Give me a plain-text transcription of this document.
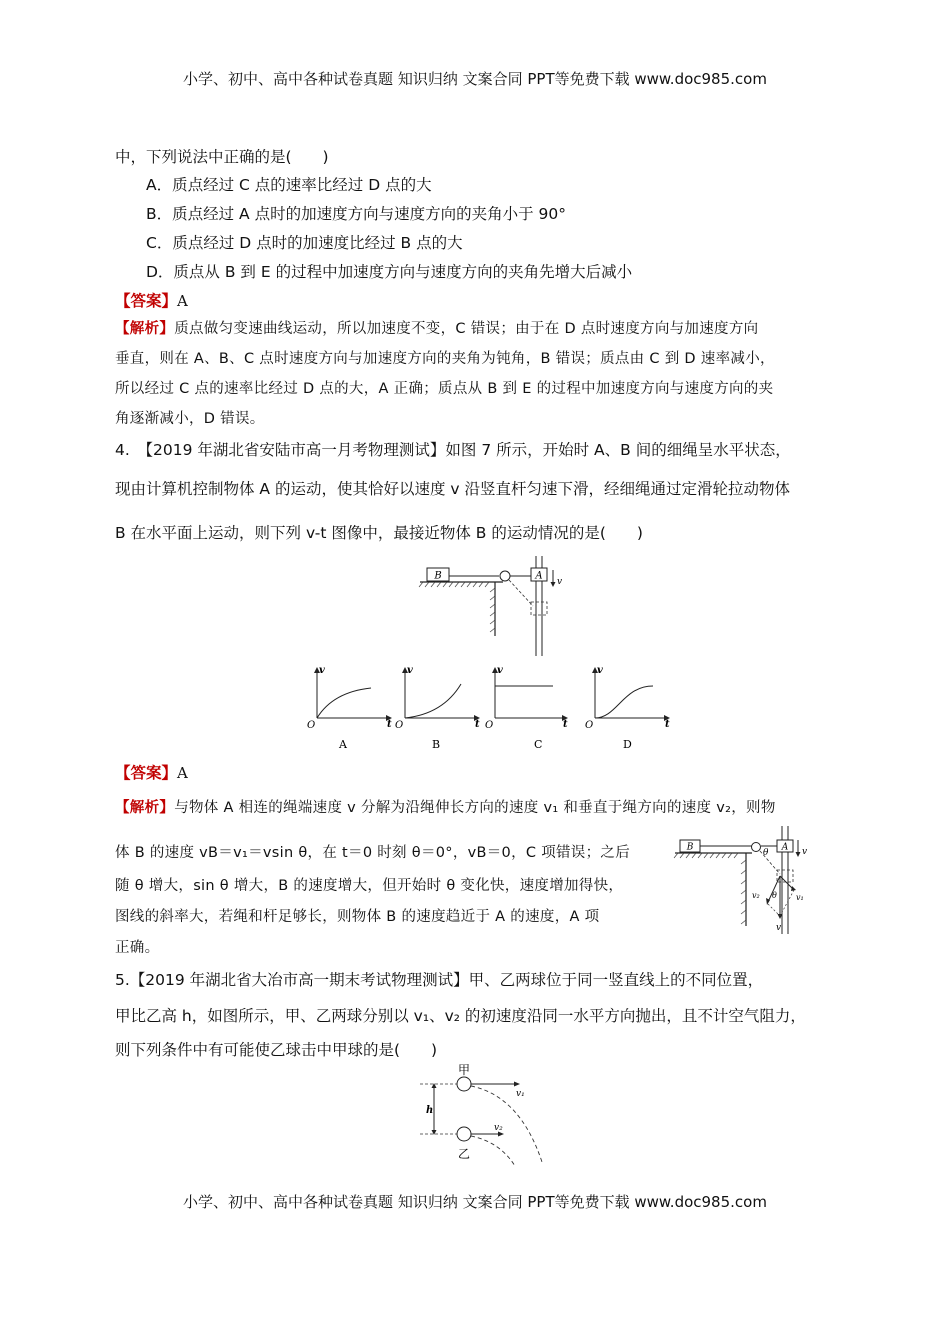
小学、初中、高中各种试卷真题 知识归纳 文案合同 PPT等免费下载 www.doc985.com
中，下列说法中正确的是(　　)
A．质点经过 C 点的速率比经过 D 点的大
B．质点经过 A 点时的加速度方向与速度方向的夹角小于 90°
C．质点经过 D 点时的加速度比经过 B 点的大
D．质点从 B 到 E 的过程中加速度方向与速度方向的夹角先增大后减小
【答案】A
【解析】质点做匀变速曲线运动，所以加速度不变，C 错误；由于在 D 点时速度方向与加速度方向
垂直，则在 A、B、C 点时速度方向与加速度方向的夹角为钝角，B 错误；质点由 C 到 D 速率减小，
所以经过 C 点的速率比经过 D 点的大，A 正确；质点从 B 到 E 的过程中加速度方向与速度方向的夹
角逐渐减小，D 错误。
4.　【2019 年湖北省安陆市高一月考物理测试】如图 7 所示，开始时 A、B 间的细绳呈水平状态，
现由计算机控制物体 A 的运动，使其恰好以速度 v 沿竖直杆匀速下滑，经细绳通过定滑轮拉动物体
B 在水平面上运动，则下列 v-t 图像中，最接近物体 B 的运动情况的是(　　)
B	A
v
O
v
t
A
O
v
t
B
O
v
t
C
O
v
t
D
【答案】A
【解析】与物体 A 相连的绳端速度 v 分解为沿绳伸长方向的速度 v₁ 和垂直于绳方向的速度 v₂，则物
体 B 的速度 vB＝v₁＝vsin θ，在 t＝0 时刻 θ＝0°，vB＝0，C 项错误；之后
随 θ 增大，sin θ 增大，B 的速度增大，但开始时 θ 变化快，速度增加得快，
图线的斜率大，若绳和杆足够长，则物体 B 的速度趋近于 A 的速度，A 项
正确。
B
θ
A v
v
v₁
v₂ θ
5.【2019 年湖北省大冶市高一期末考试物理测试】甲、乙两球位于同一竖直线上的不同位置，
甲比乙高 h，如图所示，甲、乙两球分别以 v₁、v₂ 的初速度沿同一水平方向抛出，且不计空气阻力，
则下列条件中有可能使乙球击中甲球的是(　　)
甲
v₁
h
v₂
乙
小学、初中、高中各种试卷真题 知识归纳 文案合同 PPT等免费下载 www.doc985.com
